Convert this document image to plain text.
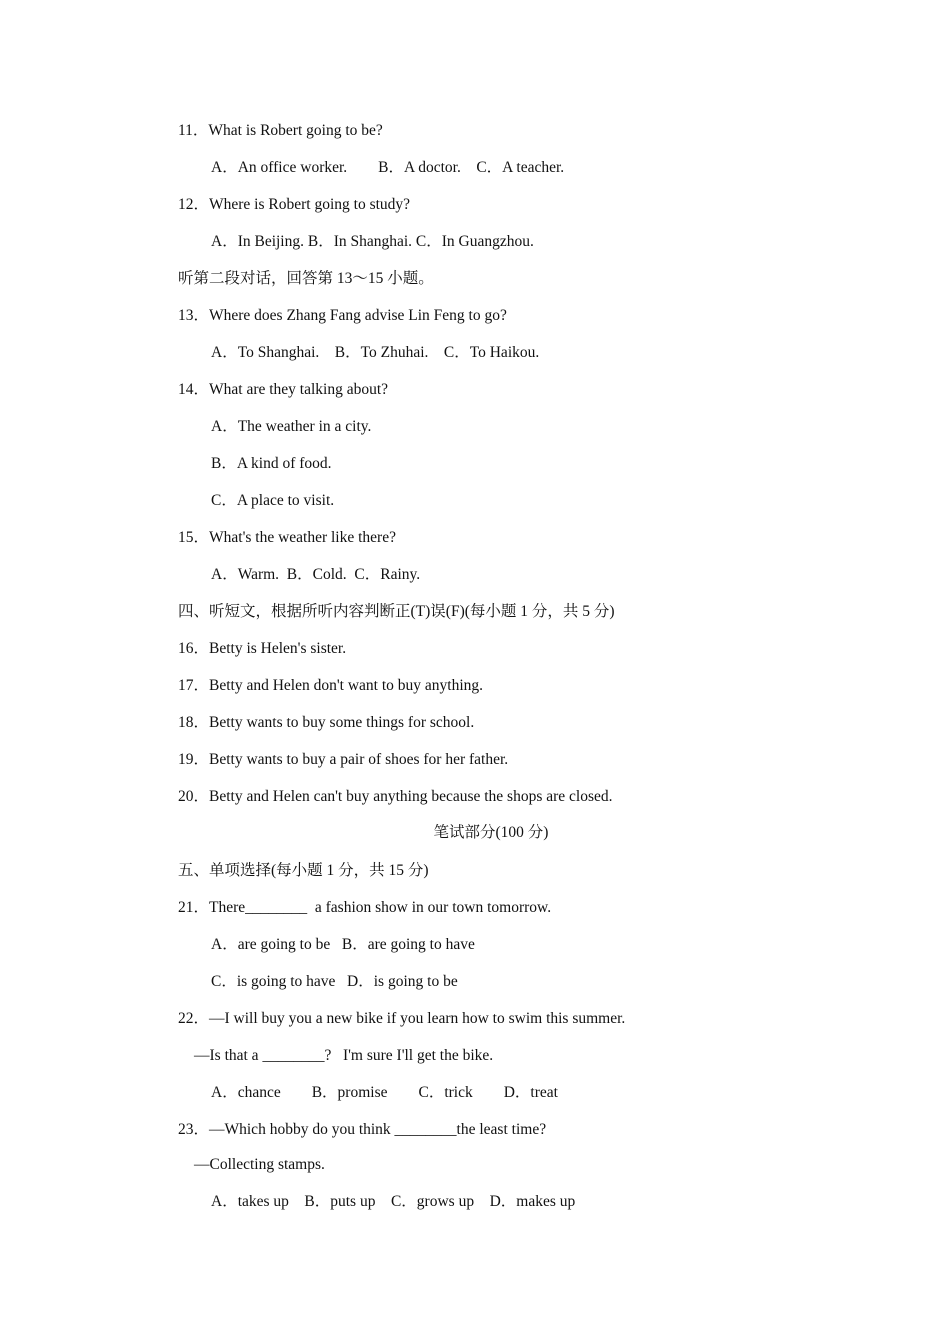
11．What is Robert going to be?
A．An office worker.　　B．A doctor.　C．A teacher.
12．Where is Robert going to study?
A．In Beijing. B．In Shanghai. C．In Guangzhou.
听第二段对话，回答第 13～15 小题。
13．Where does Zhang Fang advise Lin Feng to go?
A．To Shanghai.　B．To Zhuhai.　C．To Haikou.
14．What are they talking about?
A．The weather in a city.
B．A kind of food.
C．A place to visit.
15．What's the weather like there?
A．Warm.  B．Cold.  C．Rainy.
四、听短文，根据所听内容判断正(T)误(F)(每小题 1 分，共 5 分)
16．Betty is Helen's sister.
17．Betty and Helen don't want to buy anything.
18．Betty wants to buy some things for school.
19．Betty wants to buy a pair of shoes for her father.
20．Betty and Helen can't buy anything because the shops are closed.
笔试部分(100 分)
五、单项选择(每小题 1 分，共 15 分)
21．There________  a fashion show in our town tomorrow.
A．are going to be   B．are going to have
C．is going to have   D．is going to be
22．—I will buy you a new bike if you learn how to swim this summer.
—Is that a ________?   I'm sure I'll get the bike.
A．chance　　B．promise　　C．trick　　D．treat
23．—Which hobby do you think ________the least time?
—Collecting stamps.
A．takes up　B．puts up　C．grows up　D．makes up
